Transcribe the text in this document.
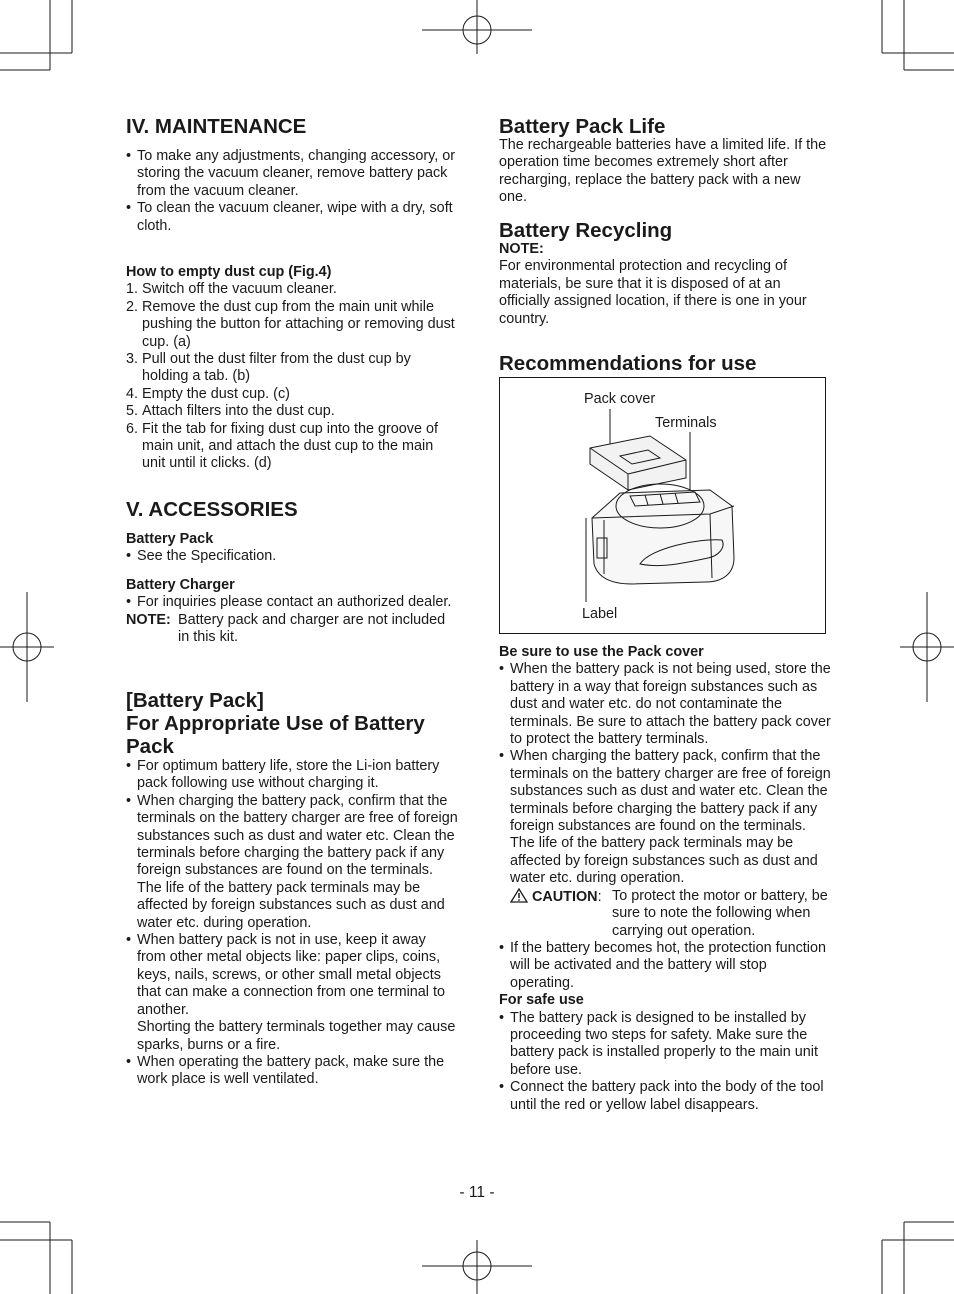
IV. MAINTENANCE
• To make any adjustments, changing accessory, or storing the vacuum cleaner, remove battery pack from the vacuum cleaner.
• To clean the vacuum cleaner, wipe with a dry, soft cloth.

How to empty dust cup (Fig.4)

1. Switch off the vacuum cleaner.
2. Remove the dust cup from the main unit while pushing the button for attaching or removing dust cup. (a)
3. Pull out the dust filter from the dust cup by holding a tab. (b)
4. Empty the dust cup. (c)
5. Attach filters into the dust cup.
6. Fit the tab for fixing dust cup into the groove of main unit, and attach the dust cup to the main unit until it clicks. (d)
V. ACCESSORIES

Battery Pack

• See the Specification.

Battery Charger

• For inquiries please contact an authorized dealer.
NOTE: Battery pack and charger are not included in this kit.
[Battery Pack]
For Appropriate Use of Battery Pack
• For optimum battery life, store the Li-ion battery pack following use without charging it.
• When charging the battery pack, confirm that the terminals on the battery charger are free of foreign substances such as dust and water etc. Clean the terminals before charging the battery pack if any foreign substances are found on the terminals.
The life of the battery pack terminals may be affected by foreign substances such as dust and water etc. during operation.
• When battery pack is not in use, keep it away from other metal objects like: paper clips, coins, keys, nails, screws, or other small metal objects that can make a connection from one terminal to another.
Shorting the battery terminals together may cause sparks, burns or a fire.
• When operating the battery pack, make sure the work place is well ventilated.
Battery Pack Life
The rechargeable batteries have a limited life. If the operation time becomes extremely short after recharging, replace the battery pack with a new one.
Battery Recycling

NOTE:

For environmental protection and recycling of materials, be sure that it is disposed of at an officially assigned location, if there is one in your country.

Recommendations for use
Pack cover
Terminals
Label

Be sure to use the Pack cover

• When the battery pack is not being used, store the battery in a way that foreign substances such as dust and water etc. do not contaminate the terminals. Be sure to attach the battery pack cover to protect the battery terminals.
• When charging the battery pack, confirm that the terminals on the battery charger are free of foreign substances such as dust and water etc. Clean the terminals before charging the battery pack if any foreign substances are found on the terminals.
The life of the battery pack terminals may be affected by foreign substances such as dust and water etc. during operation.
CAUTION: To protect the motor or battery, be sure to note the following when carrying out operation.
• If the battery becomes hot, the protection function will be activated and the battery will stop operating.

For safe use

• The battery pack is designed to be installed by proceeding two steps for safety. Make sure the battery pack is installed properly to the main unit before use.
• Connect the battery pack into the body of the tool until the red or yellow label disappears.
- 11 -
